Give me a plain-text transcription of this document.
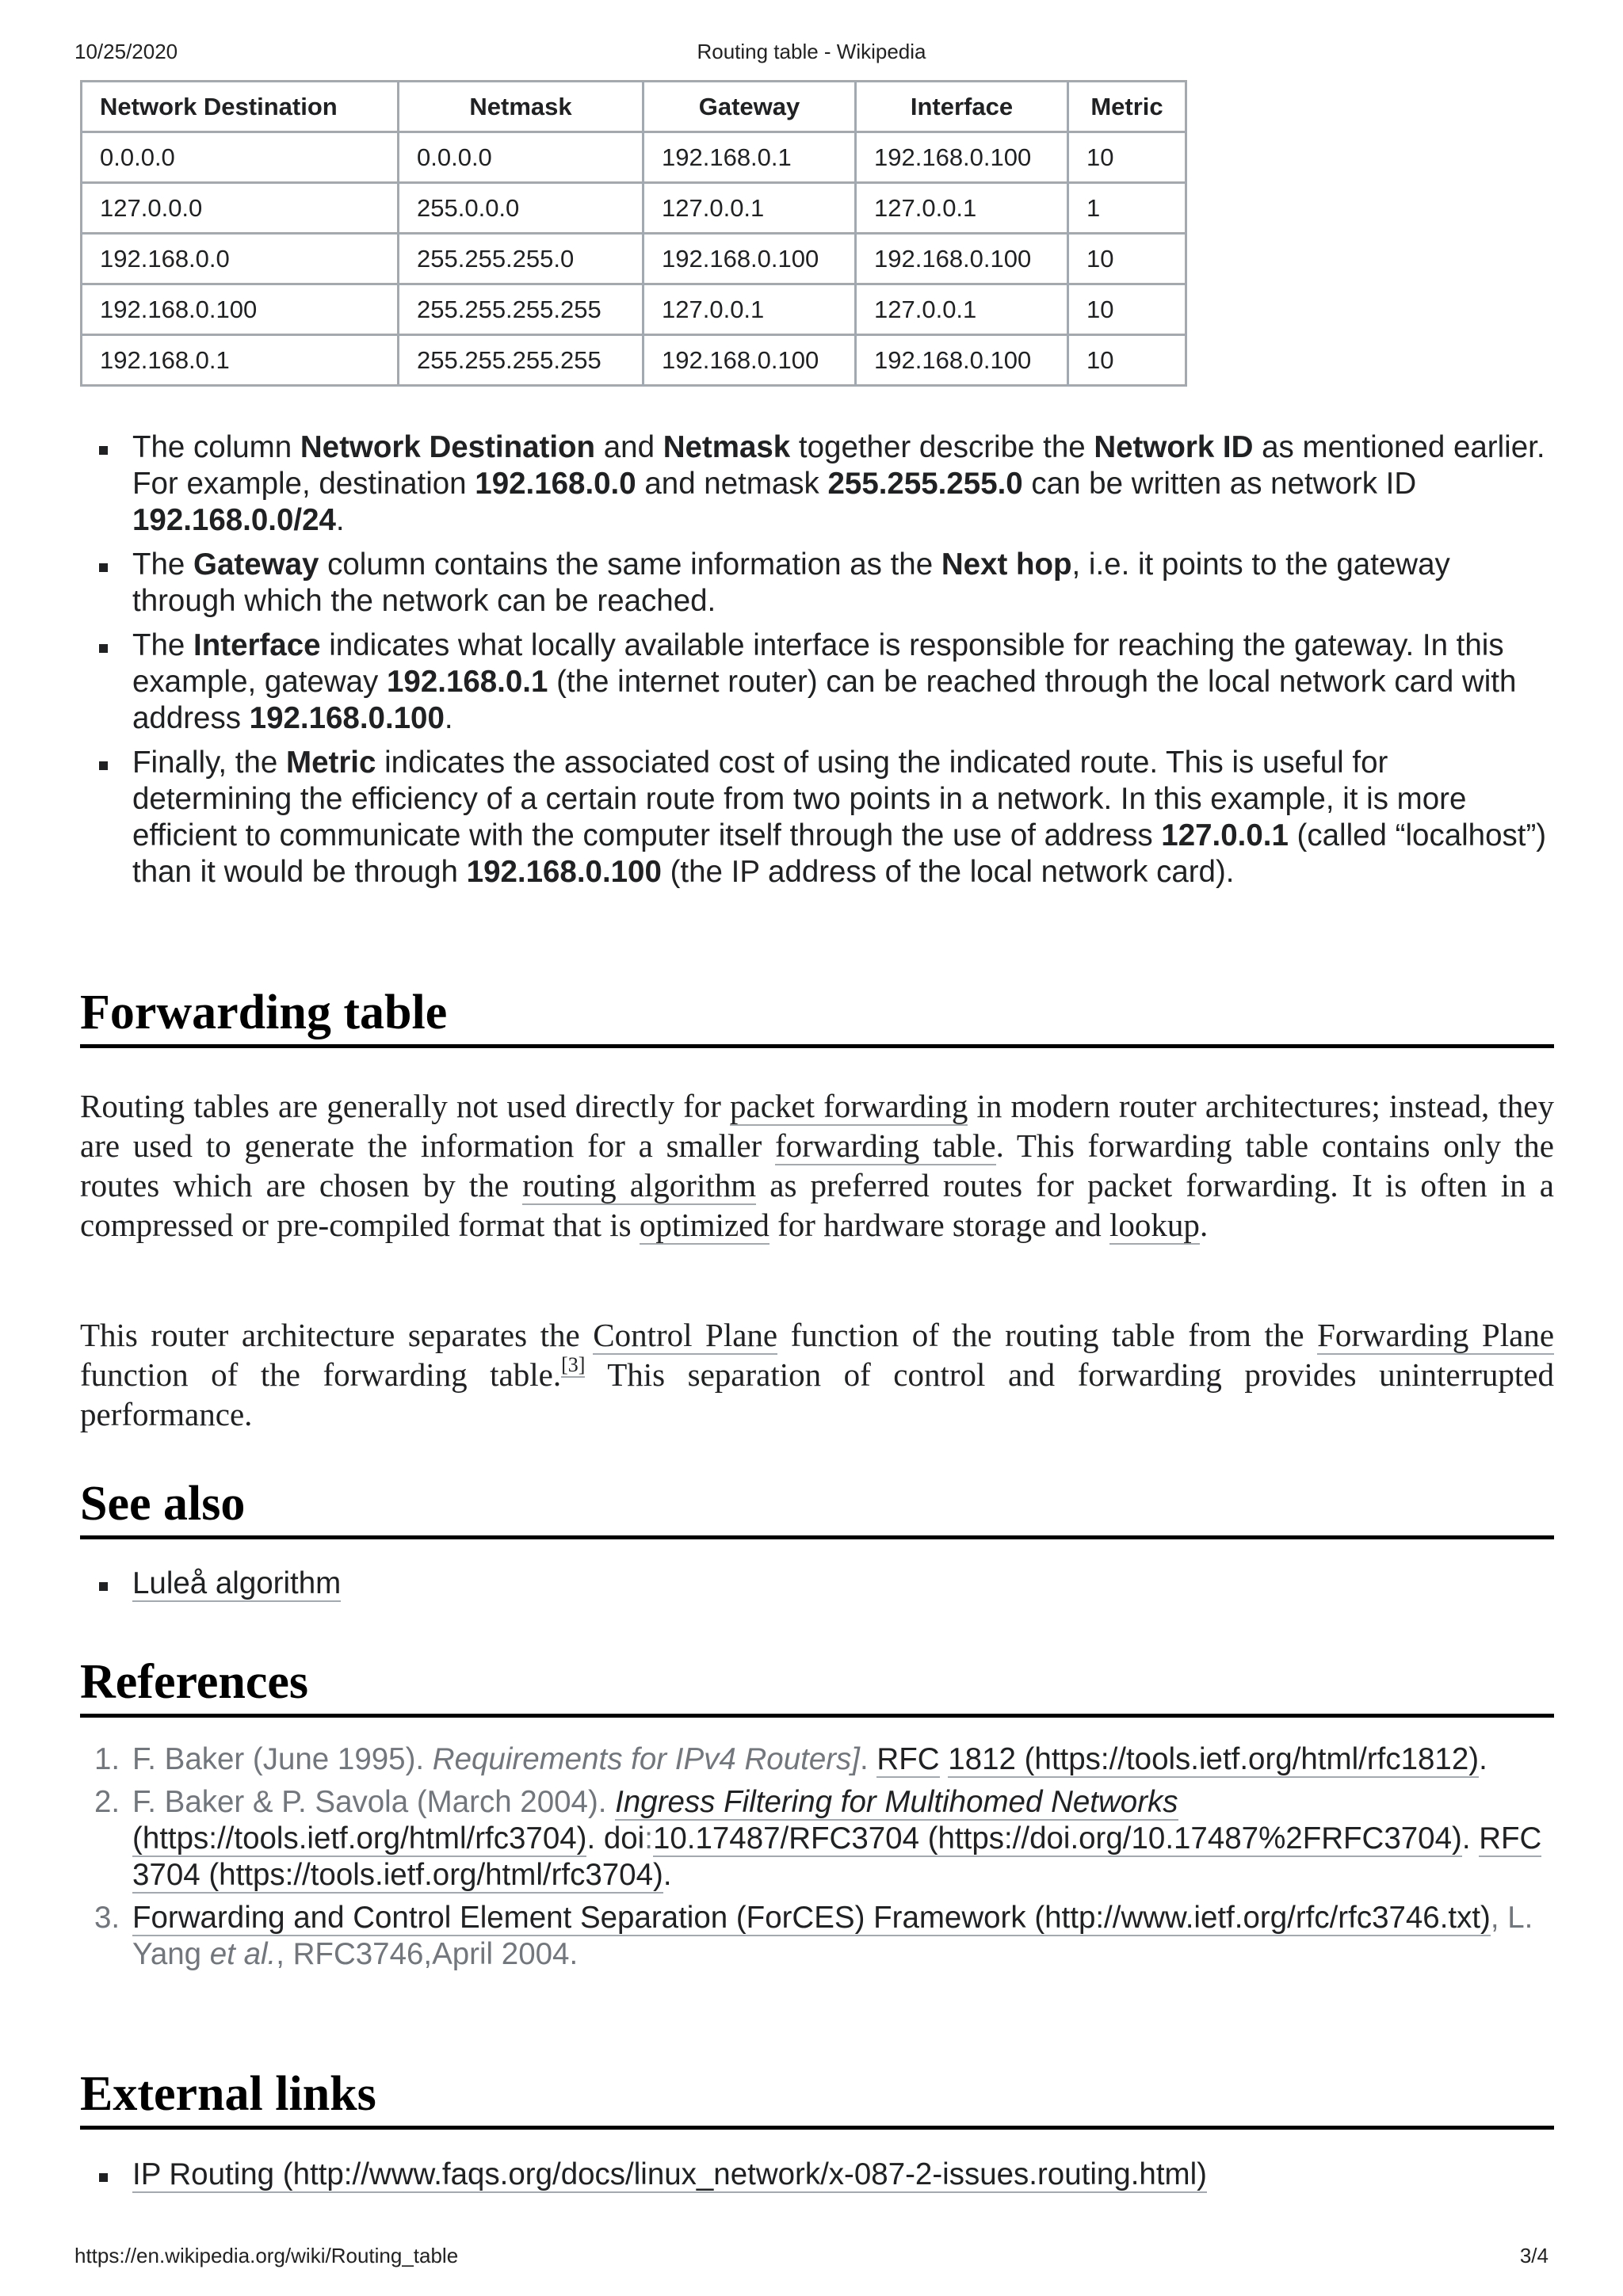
10/25/2020	Routing table - Wikipedia
Network Destination	Netmask	Gateway	Interface	Metric
0.0.0.0	0.0.0.0	192.168.0.1	192.168.0.100	10
127.0.0.0	255.0.0.0	127.0.0.1	127.0.0.1	1
192.168.0.0	255.255.255.0	192.168.0.100	192.168.0.100	10
192.168.0.100	255.255.255.255	127.0.0.1	127.0.0.1	10
192.168.0.1	255.255.255.255	192.168.0.100	192.168.0.100	10
The column Network Destination and Netmask together describe the Network ID as mentioned earlier. For example, destination 192.168.0.0 and netmask 255.255.255.0 can be written as network ID 192.168.0.0/24.
The Gateway column contains the same information as the Next hop, i.e. it points to the gateway through which the network can be reached.
The Interface indicates what locally available interface is responsible for reaching the gateway. In this example, gateway 192.168.0.1 (the internet router) can be reached through the local network card with address 192.168.0.100.
Finally, the Metric indicates the associated cost of using the indicated route. This is useful for determining the efficiency of a certain route from two points in a network. In this example, it is more efficient to communicate with the computer itself through the use of address 127.0.0.1 (called “localhost”) than it would be through 192.168.0.100 (the IP address of the local network card).
Forwarding table
Routing tables are generally not used directly for packet forwarding in modern router architectures; instead, they are used to generate the information for a smaller forwarding table. This forwarding table contains only the routes which are chosen by the routing algorithm as preferred routes for packet forwarding. It is often in a compressed or pre-compiled format that is optimized for hardware storage and lookup.
This router architecture separates the Control Plane function of the routing table from the Forwarding Plane function of the forwarding table.[3] This separation of control and forwarding provides uninterrupted performance.
See also
Luleå algorithm
References
1. F. Baker (June 1995). Requirements for IPv4 Routers]. RFC 1812 (https://tools.ietf.org/html/rfc1812).
2. F. Baker & P. Savola (March 2004). Ingress Filtering for Multihomed Networks (https://tools.ietf.org/html/rfc3704). doi:10.17487/RFC3704 (https://doi.org/10.17487%2FRFC3704). RFC 3704 (https://tools.ietf.org/html/rfc3704).
3. Forwarding and Control Element Separation (ForCES) Framework (http://www.ietf.org/rfc/rfc3746.txt), L. Yang et al., RFC3746,April 2004.
External links
IP Routing (http://www.faqs.org/docs/linux_network/x-087-2-issues.routing.html)
https://en.wikipedia.org/wiki/Routing_table	3/4
